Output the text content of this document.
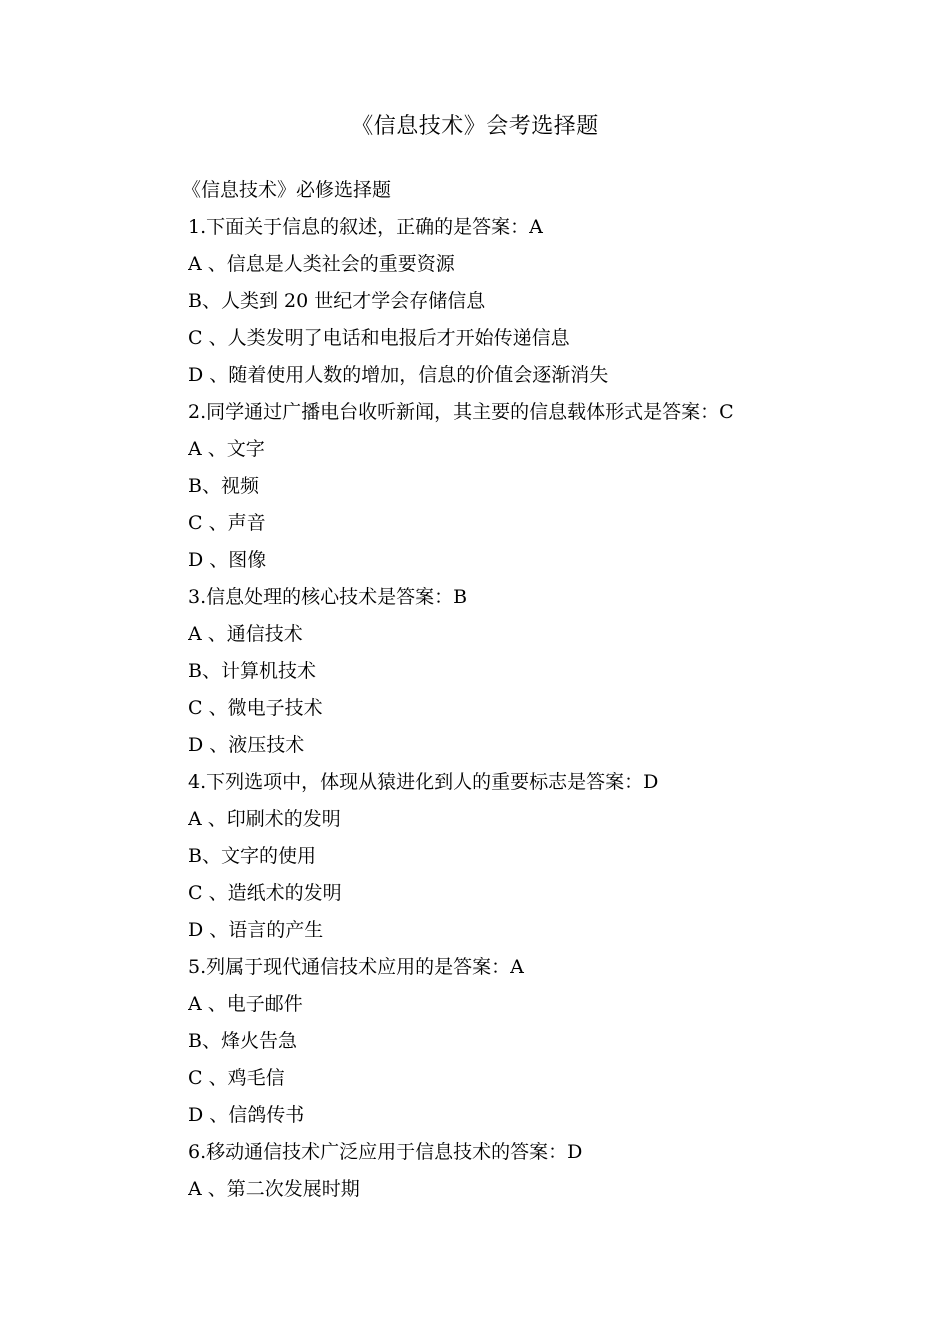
《信息技术》会考选择题
《信息技术》必修选择题
1.下面关于信息的叙述，正确的是答案：A
A 、信息是人类社会的重要资源
B、人类到 20 世纪才学会存储信息
C 、人类发明了电话和电报后才开始传递信息
D 、随着使用人数的增加，信息的价值会逐渐消失
2.同学通过广播电台收听新闻，其主要的信息载体形式是答案：C
A 、文字
B、视频
C 、声音
D 、图像
3.信息处理的核心技术是答案：B
A 、通信技术
B、计算机技术
C 、微电子技术
D 、液压技术
4.下列选项中，体现从猿进化到人的重要标志是答案：D
A 、印刷术的发明
B、文字的使用
C 、造纸术的发明
D 、语言的产生
5.列属于现代通信技术应用的是答案：A
A 、电子邮件
B、烽火告急
C 、鸡毛信
D 、信鸽传书
6.移动通信技术广泛应用于信息技术的答案：D
A 、第二次发展时期
